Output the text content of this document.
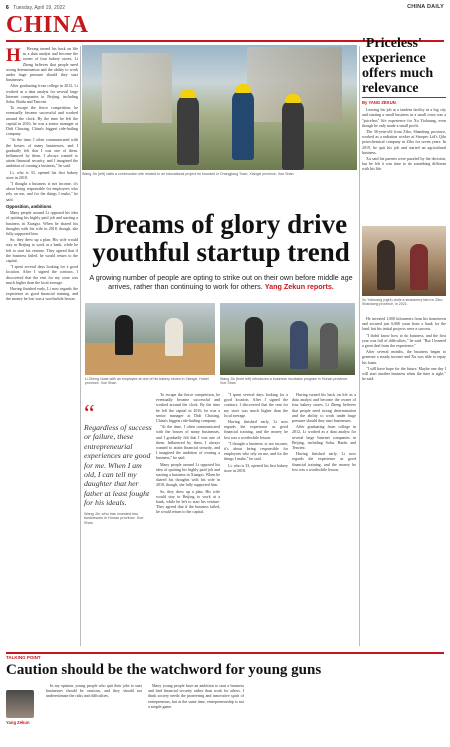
6 Tuesday, April 19, 2022	CHINA DAILY
CHINA

H Having turned his back on life as a data analyst and become the owner of four bakery stores, Li Zheng believes that people need strong determination and the ability to work under huge pressure should they start businesses.

After graduating from college in 2012, Li worked as a data analyst for several large Internet companies in Beijing, including Sohu, Baidu and Tencent.

To escape the fierce competition, he eventually became successful and worked around the clock. By the time he left the capital in 2016, he was a senior manager at Didi Chuxing, China's biggest ride-hailing company.

"At the time, I often communicated with the bosses of many businesses, and I gradually felt that I was one of them. Influenced by them, I always wanted to attain financial security, and I imagined the ambition of owning a business," he said.

Li, who is 33, opened his first bakery store in 2018.

"I thought a business is not income, it's about being responsible for employees who rely on me, and for the things I make," he said.

Opposition, ambitions

Many people around Li opposed his idea of quitting his highly paid job and starting a business in Xiangxi. When he shared his thoughts with his wife in 2018, though, she fully supported him.

So, they drew up a plan. His wife would stay in Beijing to work at a bank, while he left to start his venture. They agreed that if the business failed, he would return to the capital.

"I spent several days looking for a good location. After I signed the contract, I discovered that the rent for my store was much higher than the local average.

Having finished early, Li now regards the experience as good financial training, and the money he lost was a worthwhile lesson.

Wang Jin (left) visits a construction site related to an educational project he founded in Changjiang Town, Xiangxi province. Xue Shan
Dreams of glory drive youthful startup trend
A growing number of people are opting to strike out on their own before middle age arrives, rather than continuing to work for others. Yang Zekun reports.
Li Zheng chats with an employee at one of his bakery stores in Xiangxi, Hubei province. Xue Shan
Wang Jin (front left) introduces a business incubator program in Hunan province. Xue Shan
“
Regardless of success or failure, these entrepreneurial experiences are good for me. When I am old, I can tell my daughter that her father at least fought for his ideals.
Wang Jin, who has invested two businesses in Hunan province. Xue Shan

To escape the fierce competition, he eventually became successful and worked around the clock. By the time he left the capital in 2016, he was a senior manager at Didi Chuxing, China's biggest ride-hailing company.

"At the time, I often communicated with the bosses of many businesses, and I gradually felt that I was one of them. Influenced by them, I always wanted to attain financial security, and I imagined the ambition of owning a business," he said.

Many people around Li opposed his idea of quitting his highly paid job and starting a business in Xiangxi. When he shared his thoughts with his wife in 2018, though, she fully supported him.

So, they drew up a plan. His wife would stay in Beijing to work at a bank, while he left to start his venture. They agreed that if the business failed, he would return to the capital.

"I spent several days looking for a good location. After I signed the contract, I discovered that the rent for my store was much higher than the local average.

Having finished early, Li now regards the experience as good financial training, and the money he lost was a worthwhile lesson.

"I thought a business is not income, it's about being responsible for employees who rely on me, and for the things I make," he said.

Li, who is 33, opened his first bakery store in 2018.

Having turned his back on life as a data analyst and become the owner of four bakery stores, Li Zheng believes that people need strong determination and the ability to work under huge pressure should they start businesses.

After graduating from college in 2012, Li worked as a data analyst for several large Internet companies in Beijing, including Sohu, Baidu and Tencent.

Having finished early, Li now regards the experience as good financial training, and the money he lost was a worthwhile lesson.

'Priceless' experience offers much relevance
By YANG ZEKUN

Leaving his job at a tandem facility in a big city and starting a small business in a small town was a "priceless" life experience for Xu Yizhuang, even though he only made a small profit.

The 36-year-old from Zibo, Shandong province, worked as a radiation worker at Sinopec Ltd's Qilu petrochemical company in Zibo for seven years. In 2019, he quit his job and started an agricultural business.

Xu said his parents were puzzled by the decision, but he felt it was time to do something different with his life.

Xu Yizhuang (right) visits a strawberry farm in Zibo, Shandong province, in 2021.

He invested 1,000 kilometers from his hometown and secured just 6,000 yuan from a bank for the land, but his initial projects were a success.

"I didn't know how to do business, and the first year was full of difficulties," he said. "But I learned a great deal from the experience."

After several months, the business began to generate a steady income and Xu was able to repay his loans.

"I still have hope for the future. Maybe one day I will start another business when the time is right," he said.

TALKING POINT
Caution should be the watchword for young guns
Yang Zekun

In my opinion, young people who quit their jobs to start businesses should be cautious, and they should not underestimate the risks and difficulties.

Many young people have an ambition to start a business and find financial security rather than work for others. I think society needs the pioneering and innovative spirit of entrepreneurs, but at the same time, entrepreneurship is not a simple game.
